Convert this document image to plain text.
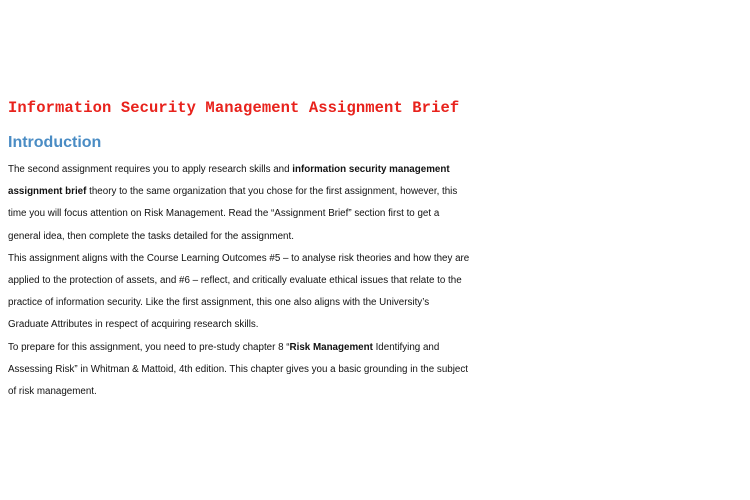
Information Security Management Assignment Brief
Introduction
The second assignment requires you to apply research skills and information security management
assignment brief theory to the same organization that you chose for the first assignment, however, this
time you will focus attention on Risk Management. Read the “Assignment Brief” section first to get a
general idea, then complete the tasks detailed for the assignment.
This assignment aligns with the Course Learning Outcomes #5 – to analyse risk theories and how they are
applied to the protection of assets, and #6 – reflect, and critically evaluate ethical issues that relate to the
practice of information security. Like the first assignment, this one also aligns with the University’s
Graduate Attributes in respect of acquiring research skills.
To prepare for this assignment, you need to pre-study chapter 8 “Risk Management Identifying and
Assessing Risk” in Whitman & Mattoid, 4th edition. This chapter gives you a basic grounding in the subject
of risk management.
